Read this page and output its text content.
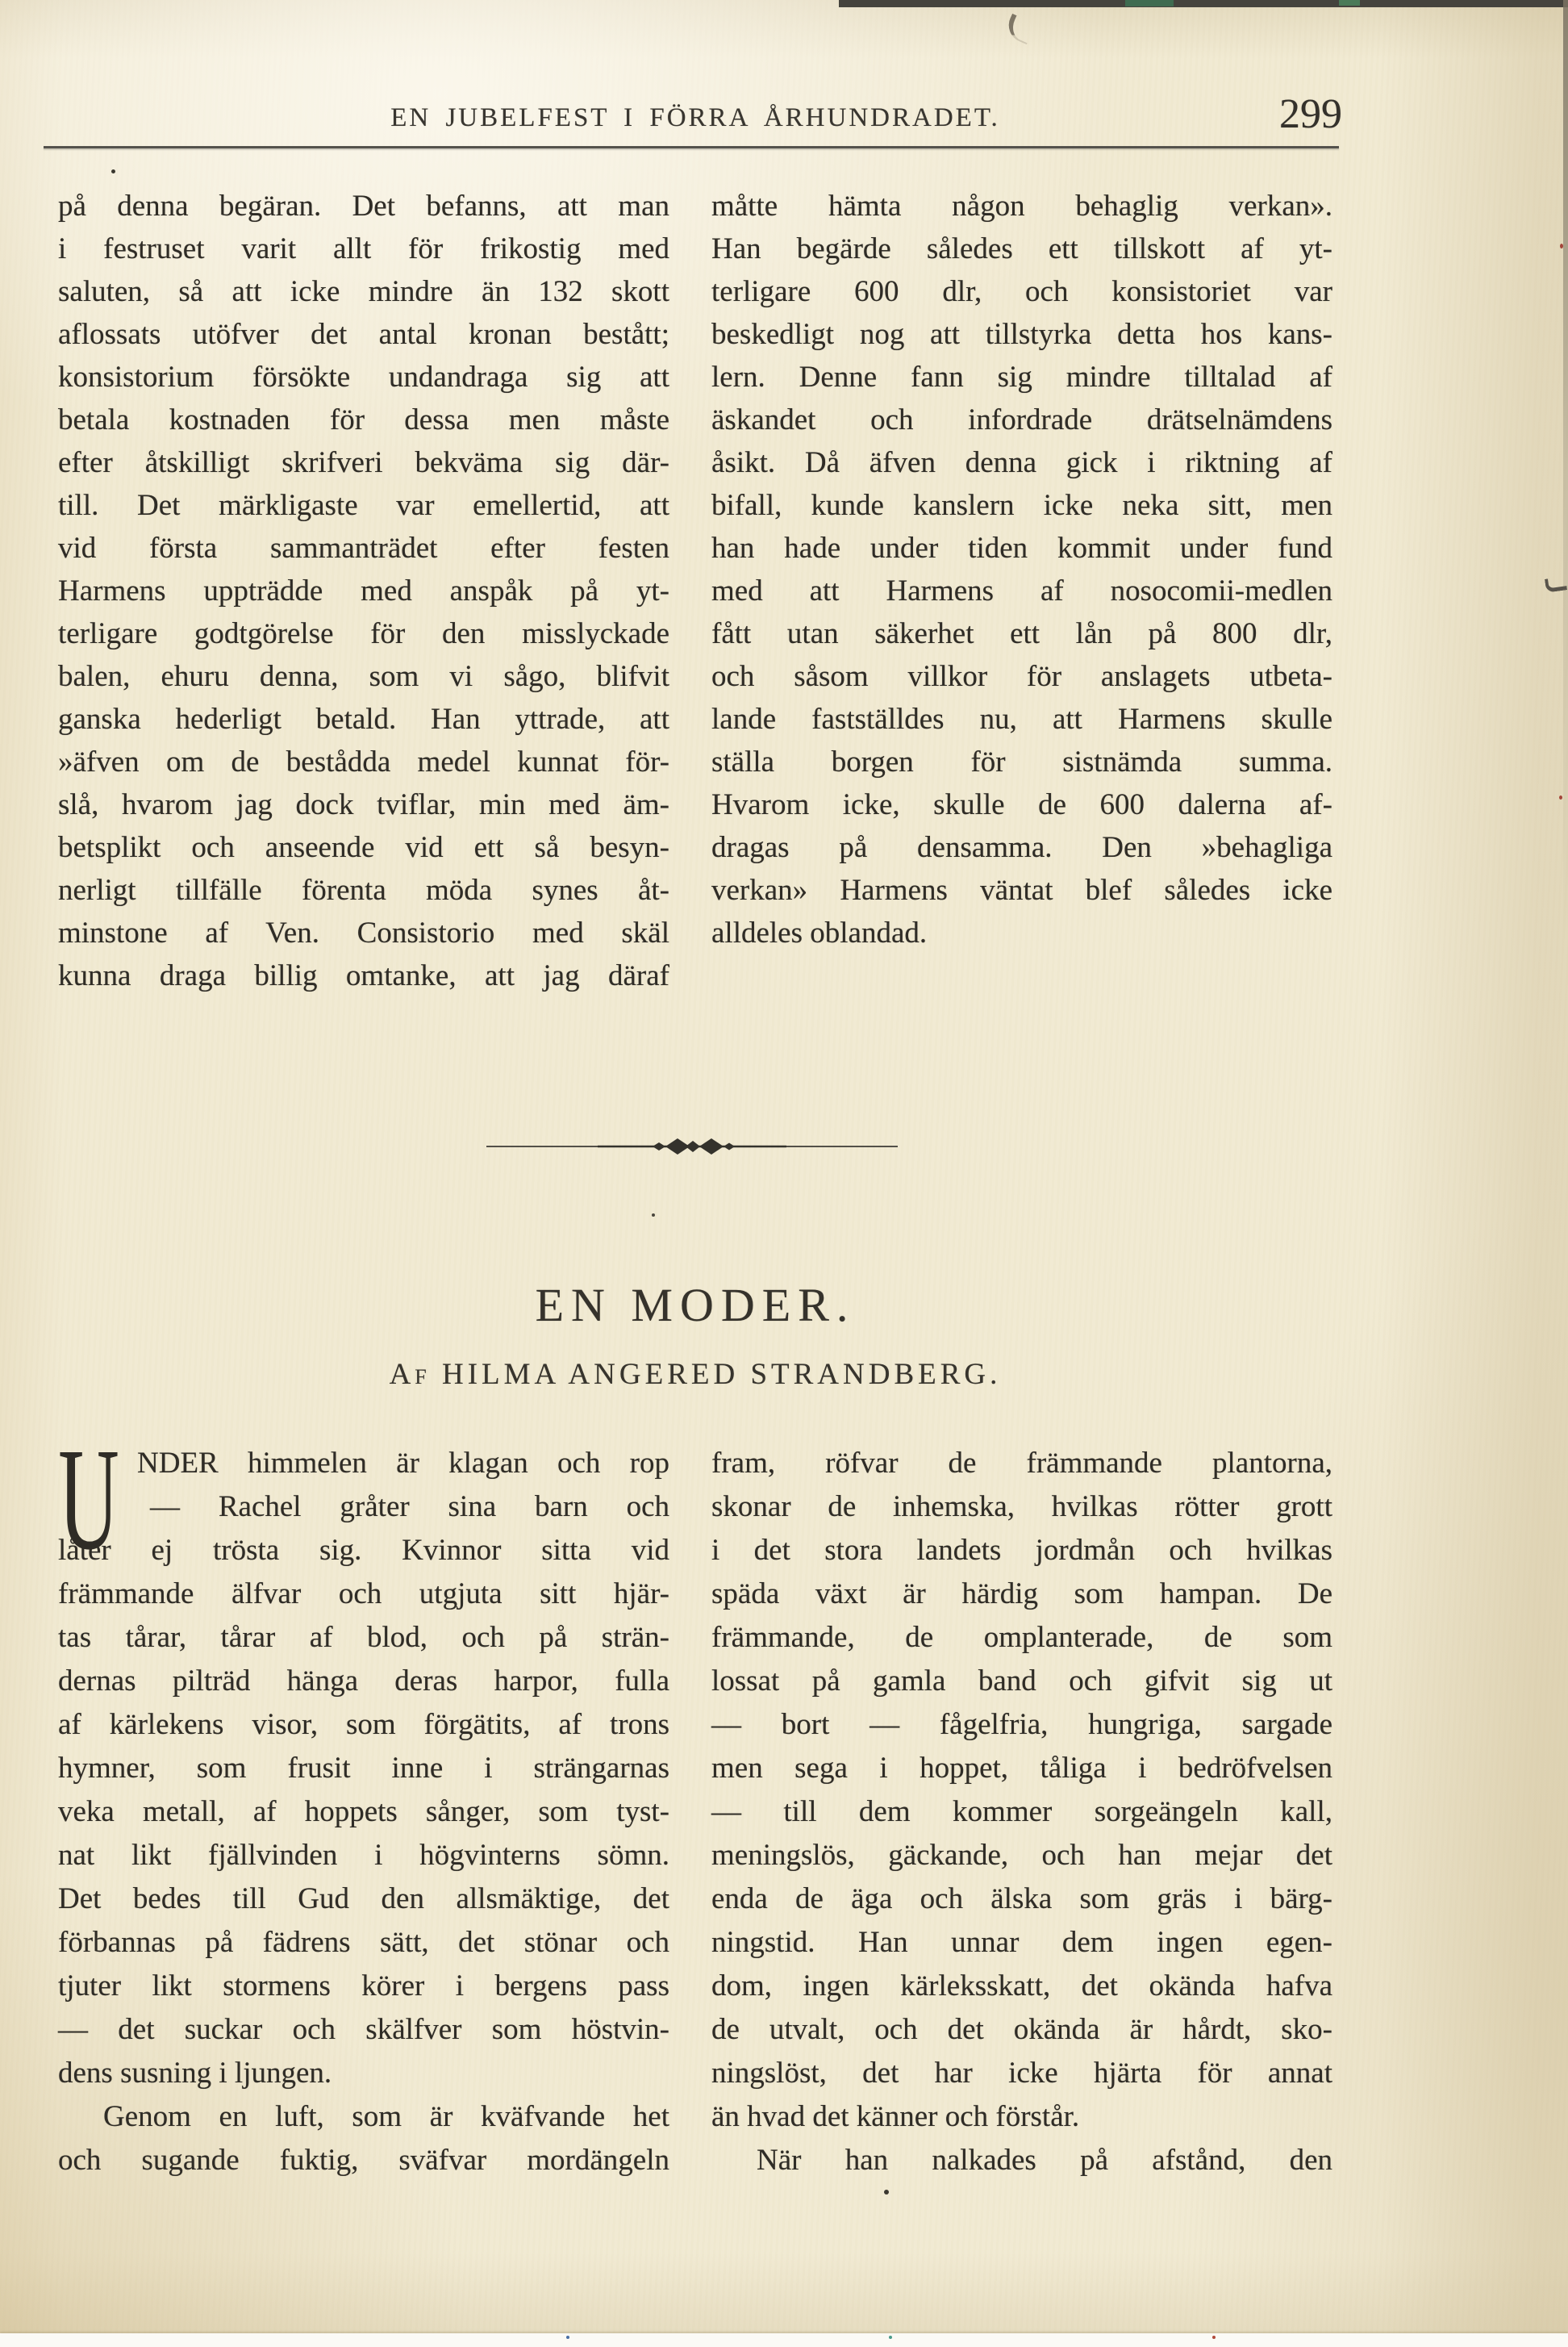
EN JUBELFEST I FÖRRA ÅRHUNDRADET.	299
på denna begäran. Det befanns, att man
i festruset varit allt för frikostig med
saluten, så att icke mindre än 132 skott
aflossats utöfver det antal kronan bestått;
konsistorium försökte undandraga sig att
betala kostnaden för dessa men måste
efter åtskilligt skrifveri bekväma sig där-
till. Det märkligaste var emellertid, att
vid första sammanträdet efter festen
Harmens uppträdde med anspåk på yt-
terligare godtgörelse för den misslyckade
balen, ehuru denna, som vi sågo, blifvit
ganska hederligt betald. Han yttrade, att
»äfven om de bestådda medel kunnat för-
slå, hvarom jag dock tviflar, min med äm-
betsplikt och anseende vid ett så besyn-
nerligt tillfälle förenta möda synes åt-
minstone af Ven. Consistorio med skäl
kunna draga billig omtanke, att jag däraf
måtte hämta någon behaglig verkan».
Han begärde således ett tillskott af yt-
terligare 600 dlr, och konsistoriet var
beskedligt nog att tillstyrka detta hos kans-
lern. Denne fann sig mindre tilltalad af
äskandet och infordrade drätselnämdens
åsikt. Då äfven denna gick i riktning af
bifall, kunde kanslern icke neka sitt, men
han hade under tiden kommit under fund
med att Harmens af nosocomii-medlen
fått utan säkerhet ett lån på 800 dlr,
och såsom villkor för anslagets utbeta-
lande fastställdes nu, att Harmens skulle
ställa borgen för sistnämda summa.
Hvarom icke, skulle de 600 dalerna af-
dragas på densamma. Den »behagliga
verkan» Harmens väntat blef således icke
alldeles oblandad.
EN MODER.
Af HILMA ANGERED STRANDBERG.
NDER himmelen är klagan och rop
— Rachel gråter sina barn och
låter ej trösta sig. Kvinnor sitta vid
främmande älfvar och utgjuta sitt hjär-
tas tårar, tårar af blod, och på strän-
dernas pilträd hänga deras harpor, fulla
af kärlekens visor, som förgätits, af trons
hymner, som frusit inne i strängarnas
veka metall, af hoppets sånger, som tyst-
nat likt fjällvinden i högvinterns sömn.
Det bedes till Gud den allsmäktige, det
förbannas på fädrens sätt, det stönar och
tjuter likt stormens körer i bergens pass
— det suckar och skälfver som höstvin-
dens susning i ljungen.
Genom en luft, som är kväfvande het
och sugande fuktig, sväfvar mordängeln
U	fram, röfvar de främmande plantorna,
skonar de inhemska, hvilkas rötter grott
i det stora landets jordmån och hvilkas
späda växt är härdig som hampan. De
främmande, de omplanterade, de som
lossat på gamla band och gifvit sig ut
— bort — fågelfria, hungriga, sargade
men sega i hoppet, tåliga i bedröfvelsen
— till dem kommer sorgeängeln kall,
meningslös, gäckande, och han mejar det
enda de äga och älska som gräs i bärg-
ningstid. Han unnar dem ingen egen-
dom, ingen kärleksskatt, det okända hafva
de utvalt, och det okända är hårdt, sko-
ningslöst, det har icke hjärta för annat
än hvad det känner och förstår.
När han nalkades på afstånd, den
